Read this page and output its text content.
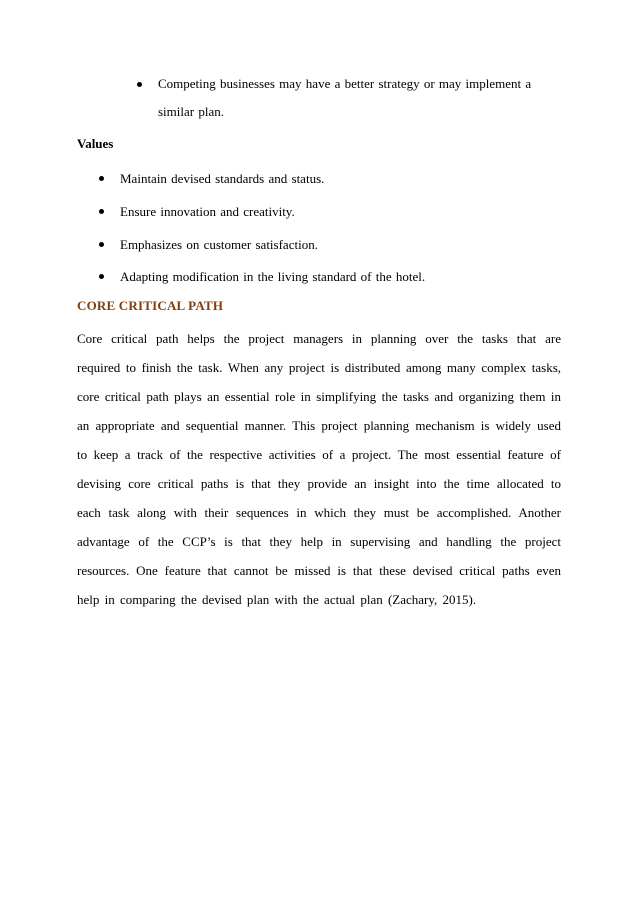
Competing businesses may have a better strategy or may implement a similar plan.
Values
Maintain devised standards and status.
Ensure innovation and creativity.
Emphasizes on customer satisfaction.
Adapting modification in the living standard of the hotel.
CORE CRITICAL PATH
Core critical path helps the project managers in planning over the tasks that are required to finish the task. When any project is distributed among many complex tasks, core critical path plays an essential role in simplifying the tasks and organizing them in an appropriate and sequential manner. This project planning mechanism is widely used to keep a track of the respective activities of a project. The most essential feature of devising core critical paths is that they provide an insight into the time allocated to each task along with their sequences in which they must be accomplished. Another advantage of the CCP’s is that they help in supervising and handling the project resources. One feature that cannot be missed is that these devised critical paths even help in comparing the devised plan with the actual plan (Zachary, 2015).
